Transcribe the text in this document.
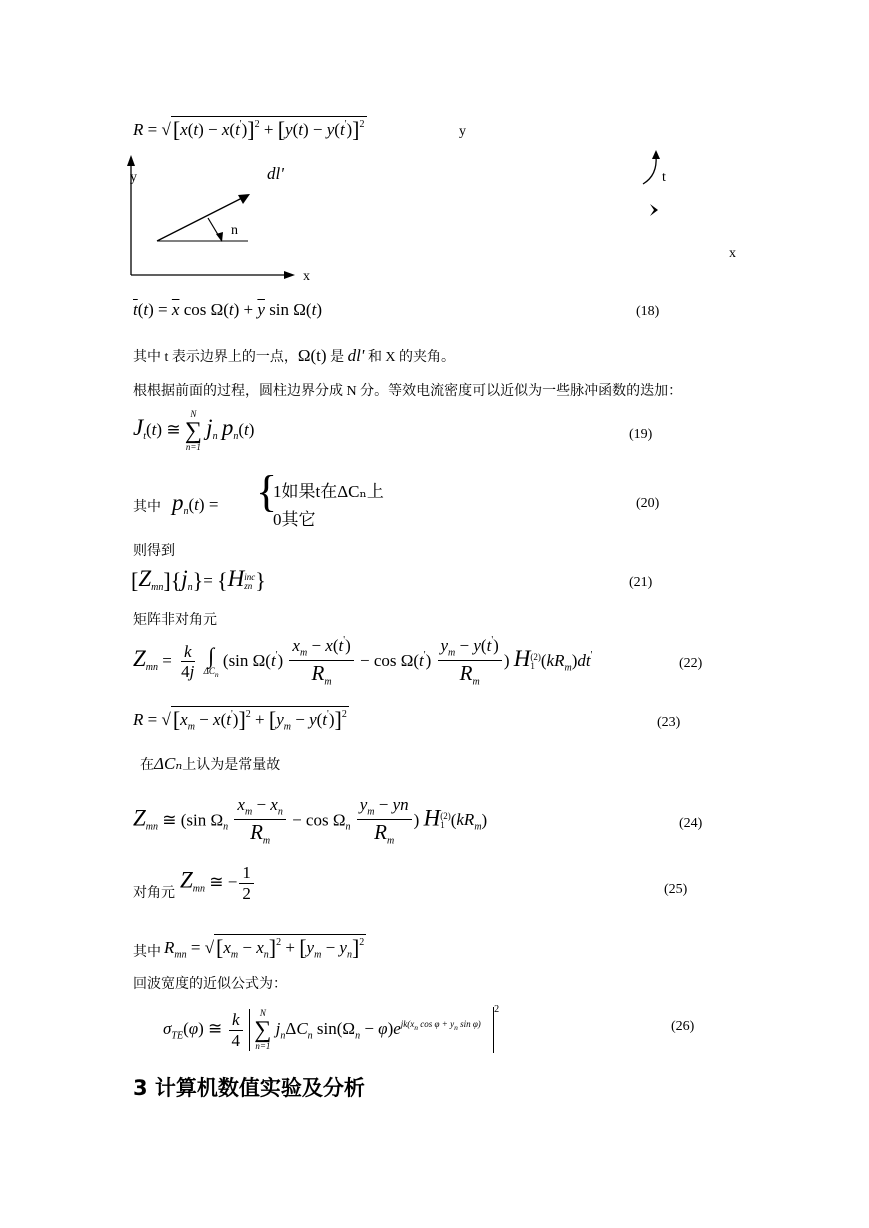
$R = √[x(t) - x(t')]^2 + [y(t) - y(t')]^2$	y
y	dl'
n
t
x
x
$\overline{t}(t) = \overline{x}$ $\cos \Omega(t) + \overline{y}$ sin Ω(t)	(18)
其中 t 表示边界上的一点，Ω(t) 是 dl' 和 X 的夹角。
根根据前面的过程，圆柱边界分成 N 分。等效电流密度可以近似为一些脉冲函数的迭加：
$J_t(t)$ ≅
N
∑
n=1
$j_n$ $p_n(t)$	(19)
其中 $p_n(t)$ = {
1如果t在ΔCₙ上
0其它
(20)
则得到
$[Z_{mn}]\{j_n\}= \{H$ inc
zn }	(21)
矩阵非对角元
$Z_{mn} = \frac{k}{4j}$
∫
$\Delta C_n$
(sin $\Omega(t') \frac{x_m - x(t')}{R_m} - \cos \Omega(t') \frac{y_m - y(t')}{R_m}$ ) H (2)
1 $(kR_m)dt'$
(22)
$R = √[x_m - x(t')]^2 + [y_m - y(t')]^2$
(23)
在ΔCₙ上认为是常量故
$Z_{mn}$ ≅ (sin $\Omega_n \frac{x_m - x_n}{R_m} - \cos \Omega_n \frac{y_m - yn}{R_m}$ ) H (2)
1 $(kR_m)$	(24)
对角元
$Z_{mn}$ ≅ − $\frac{1}{2}$	(25)
其中 $R_{mn} = √[x_m - x_n]^2 + [y_m - y_n]^2$
回波宽度的近似公式为：
$\sigma_{TE}(\varphi)$ ≅ $\frac{k}{4}$
N
∑
n=1
$j_n\Delta C_n$ $\sin(\Omega_n - \varphi)e^{jk(x_n cos \varphi + y_n sin \varphi)}$ $^2$
(26)
3 计算机数值实验及分析
